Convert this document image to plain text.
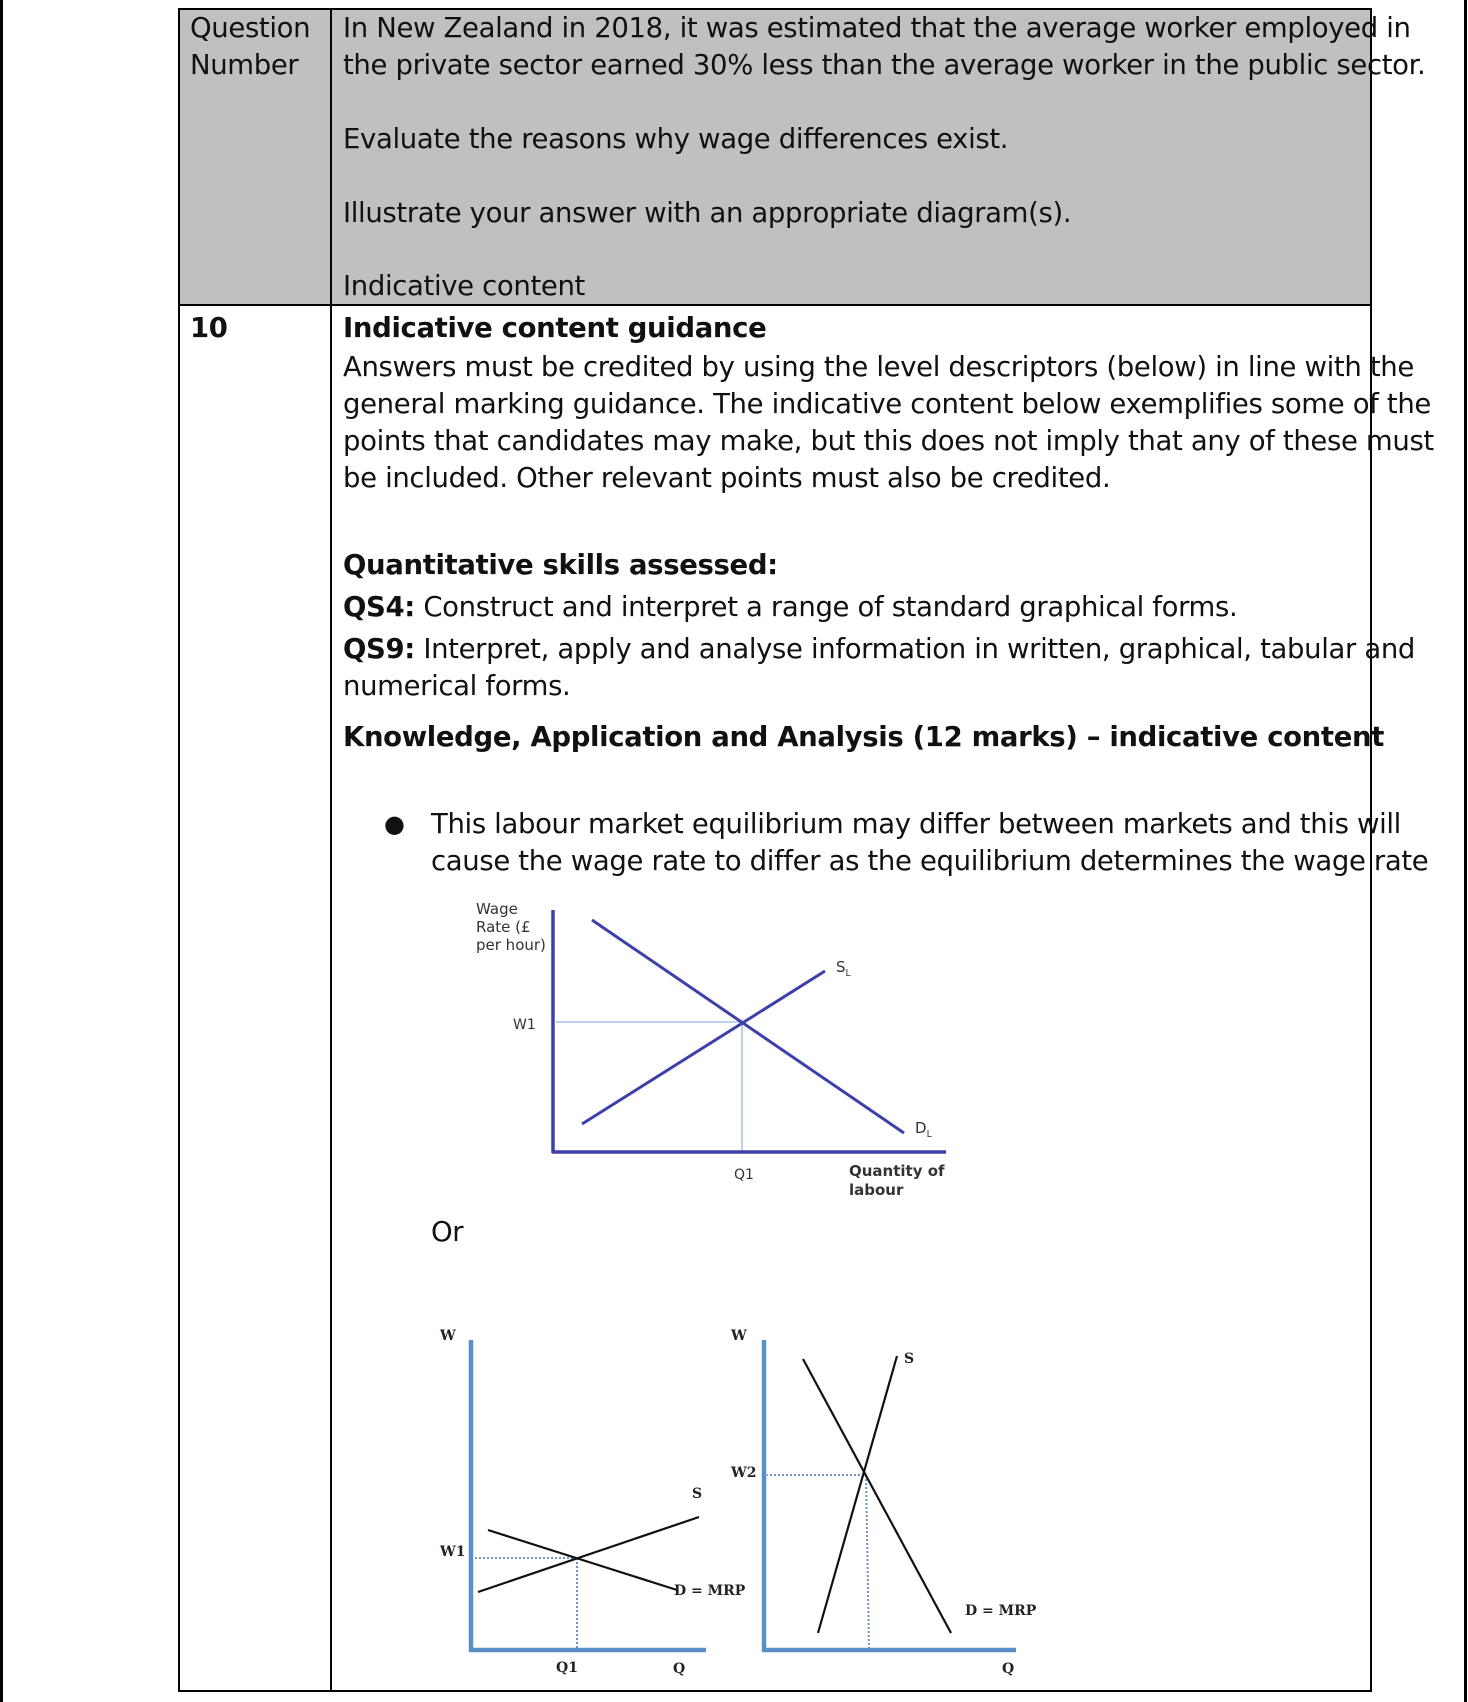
Question
Number
In New Zealand in 2018, it was estimated that the average worker employed in
the private sector earned 30% less than the average worker in the public sector.
Evaluate the reasons why wage differences exist.
Illustrate your answer with an appropriate diagram(s).
Indicative content
10	Indicative content guidance
Answers must be credited by using the level descriptors (below) in line with the
general marking guidance. The indicative content below exemplifies some of the
points that candidates may make, but this does not imply that any of these must
be included. Other relevant points must also be credited.
Quantitative skills assessed:
QS4: Construct and interpret a range of standard graphical forms.
QS9: Interpret, apply and analyse information in written, graphical, tabular and
numerical forms.
Knowledge, Application and Analysis (12 marks) – indicative content
● This labour market equilibrium may differ between markets and this will
cause the wage rate to differ as the equilibrium determines the wage rate
Or
Wage
Rate (£
per hour)
W1
Q1
$S_L$
$D_L$
Quantity of
labour
W
W1
Q1	Q
S
D = MRP
W
W2
S
D = MRP
Q
